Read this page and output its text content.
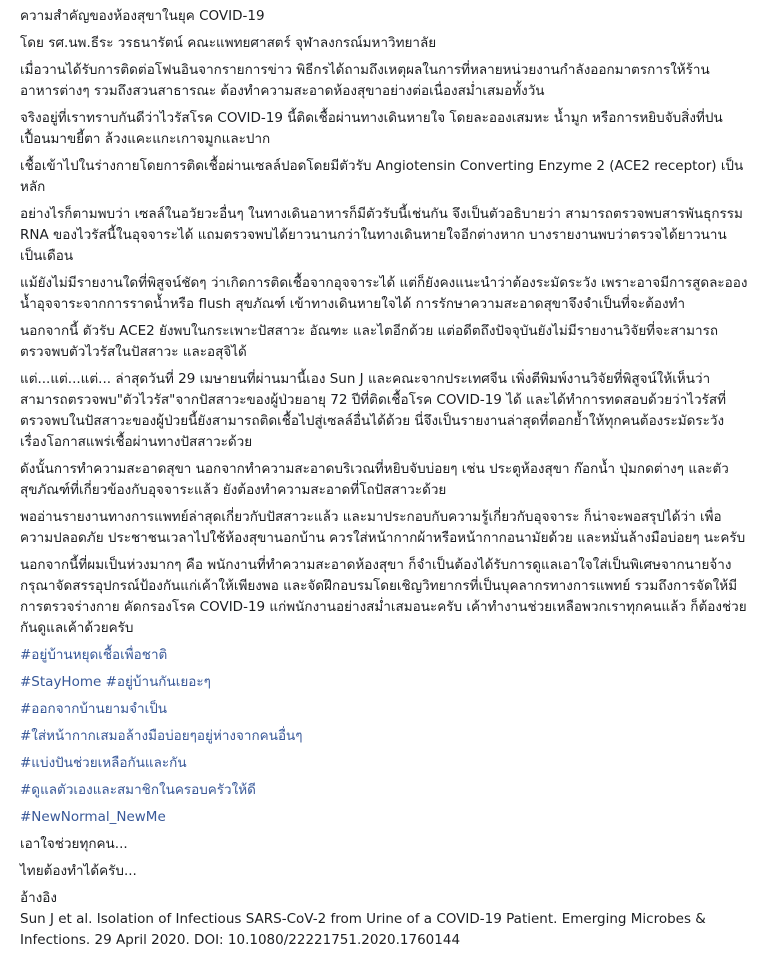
ความสำคัญของห้องสุขาในยุค COVID-19
โดย รศ.นพ.ธีระ วรธนารัตน์ คณะแพทยศาสตร์ จุฬาลงกรณ์มหาวิทยาลัย
เมื่อวานได้รับการติดต่อโฟนอินจากรายการข่าว พิธีกรได้ถามถึงเหตุผลในการที่หลายหน่วยงานกำลังออกมาตรการให้ร้านอาหารต่างๆ รวมถึงสวนสาธารณะ ต้องทำความสะอาดห้องสุขาอย่างต่อเนื่องสม่ำเสมอทั้งวัน
จริงอยู่ที่เราทราบกันดีว่าไวรัสโรค COVID-19 นี้ติดเชื้อผ่านทางเดินหายใจ โดยละอองเสมหะ น้ำมูก หรือการหยิบจับสิ่งที่ปนเปื้อนมาขยี้ตา ล้วงแคะแกะเกาจมูกและปาก
เชื้อเข้าไปในร่างกายโดยการติดเชื้อผ่านเซลล์ปอดโดยมีตัวรับ Angiotensin Converting Enzyme 2 (ACE2 receptor) เป็นหลัก
อย่างไรก็ตามพบว่า เซลล์ในอวัยวะอื่นๆ ในทางเดินอาหารก็มีตัวรับนี้เช่นกัน จึงเป็นตัวอธิบายว่า สามารถตรวจพบสารพันธุกรรม RNA ของไวรัสนี้ในอุจจาระได้ แถมตรวจพบได้ยาวนานกว่าในทางเดินหายใจอีกต่างหาก บางรายงานพบว่าตรวจได้ยาวนานเป็นเดือน
แม้ยังไม่มีรายงานใดที่พิสูจน์ชัดๆ ว่าเกิดการติดเชื้อจากอุจจาระได้ แต่ก็ยังคงแนะนำว่าต้องระมัดระวัง เพราะอาจมีการสูดละอองน้ำอุจจาระจากการราดน้ำหรือ flush สุขภัณฑ์ เข้าทางเดินหายใจได้ การรักษาความสะอาดสุขาจึงจำเป็นที่จะต้องทำ
นอกจากนี้ ตัวรับ ACE2 ยังพบในกระเพาะปัสสาวะ อัณฑะ และไตอีกด้วย แต่อดีตถึงปัจจุบันยังไม่มีรายงานวิจัยที่จะสามารถตรวจพบตัวไวรัสในปัสสาวะ และอสุจิได้
แต่...แต่...แต่... ล่าสุดวันที่ 29 เมษายนที่ผ่านมานี้เอง Sun J และคณะจากประเทศจีน เพิ่งตีพิมพ์งานวิจัยที่พิสูจน์ให้เห็นว่า สามารถตรวจพบ"ตัวไวรัส"จากปัสสาวะของผู้ป่วยอายุ 72 ปีที่ติดเชื้อโรค COVID-19 ได้ และได้ทำการทดสอบด้วยว่าไวรัสที่ตรวจพบในปัสสาวะของผู้ป่วยนี้ยังสามารถติดเชื้อไปสู่เซลล์อื่นได้ด้วย นี่จึงเป็นรายงานล่าสุดที่ตอกย้ำให้ทุกคนต้องระมัดระวังเรื่องโอกาสแพร่เชื้อผ่านทางปัสสาวะด้วย
ดังนั้นการทำความสะอาดสุขา นอกจากทำความสะอาดบริเวณที่หยิบจับบ่อยๆ เช่น ประตูห้องสุขา ก๊อกน้ำ ปุ่มกดต่างๆ และตัวสุขภัณฑ์ที่เกี่ยวข้องกับอุจจาระแล้ว ยังต้องทำความสะอาดที่โถปัสสาวะด้วย
พออ่านรายงานทางการแพทย์ล่าสุดเกี่ยวกับปัสสาวะแล้ว และมาประกอบกับความรู้เกี่ยวกับอุจจาระ ก็น่าจะพอสรุปได้ว่า เพื่อความปลอดภัย ประชาชนเวลาไปใช้ห้องสุขานอกบ้าน ควรใส่หน้ากากผ้าหรือหน้ากากอนามัยด้วย และหมั่นล้างมือบ่อยๆ นะครับ
นอกจากนี้ที่ผมเป็นห่วงมากๆ คือ พนักงานที่ทำความสะอาดห้องสุขา ก็จำเป็นต้องได้รับการดูแลเอาใจใส่เป็นพิเศษจากนายจ้าง กรุณาจัดสรรอุปกรณ์ป้องกันแก่เค้าให้เพียงพอ และจัดฝึกอบรมโดยเชิญวิทยากรที่เป็นบุคลากรทางการแพทย์ รวมถึงการจัดให้มีการตรวจร่างกาย คัดกรองโรค COVID-19 แก่พนักงานอย่างสม่ำเสมอนะครับ เค้าทำงานช่วยเหลือพวกเราทุกคนแล้ว ก็ต้องช่วยกันดูแลเค้าด้วยครับ
#อยู่บ้านหยุดเชื้อเพื่อชาติ
#StayHome #อยู่บ้านกันเยอะๆ
#ออกจากบ้านยามจำเป็น
#ใส่หน้ากากเสมอล้างมือบ่อยๆอยู่ห่างจากคนอื่นๆ
#แบ่งปันช่วยเหลือกันและกัน
#ดูแลตัวเองและสมาชิกในครอบครัวให้ดี
#NewNormal_NewMe
เอาใจช่วยทุกคน...
ไทยต้องทำได้ครับ...
อ้างอิง
Sun J et al. Isolation of Infectious SARS-CoV-2 from Urine of a COVID-19 Patient. Emerging Microbes & Infections. 29 April 2020. DOI: 10.1080/22221751.2020.1760144
